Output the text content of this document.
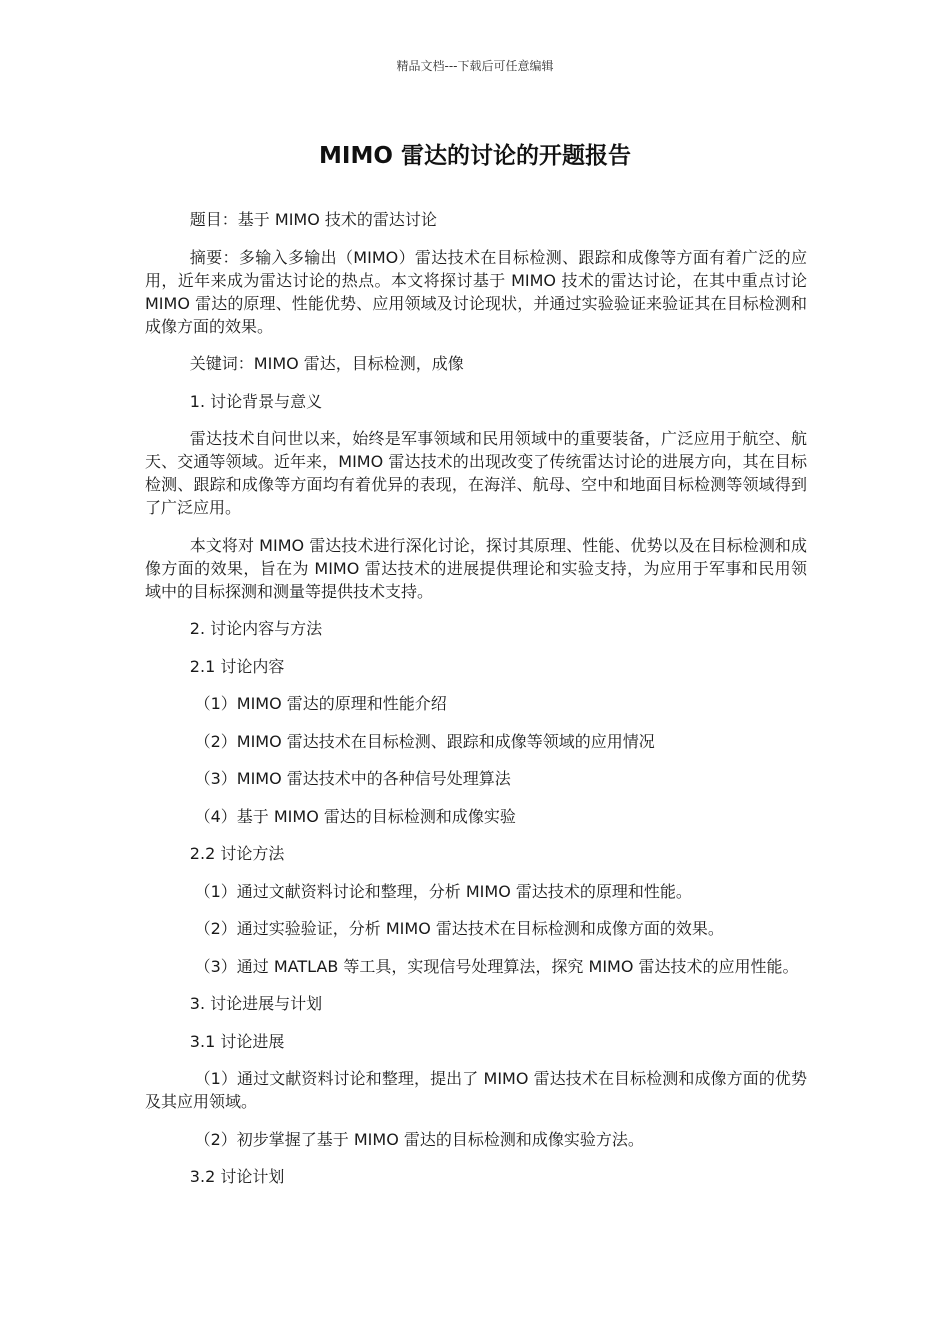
精品文档---下载后可任意编辑
MIMO 雷达的讨论的开题报告

题目：基于 MIMO 技术的雷达讨论

摘要：多输入多输出（MIMO）雷达技术在目标检测、跟踪和成像等方面有着广泛的应用，近年来成为雷达讨论的热点。本文将探讨基于 MIMO 技术的雷达讨论，在其中重点讨论 MIMO 雷达的原理、性能优势、应用领域及讨论现状，并通过实验验证来验证其在目标检测和成像方面的效果。

关键词：MIMO 雷达，目标检测，成像

1. 讨论背景与意义

雷达技术自问世以来，始终是军事领域和民用领域中的重要装备，广泛应用于航空、航天、交通等领域。近年来，MIMO 雷达技术的出现改变了传统雷达讨论的进展方向，其在目标检测、跟踪和成像等方面均有着优异的表现，在海洋、航母、空中和地面目标检测等领域得到了广泛应用。

本文将对 MIMO 雷达技术进行深化讨论，探讨其原理、性能、优势以及在目标检测和成像方面的效果，旨在为 MIMO 雷达技术的进展提供理论和实验支持，为应用于军事和民用领域中的目标探测和测量等提供技术支持。

2. 讨论内容与方法

2.1 讨论内容

（1）MIMO 雷达的原理和性能介绍

（2）MIMO 雷达技术在目标检测、跟踪和成像等领域的应用情况

（3）MIMO 雷达技术中的各种信号处理算法

（4）基于 MIMO 雷达的目标检测和成像实验

2.2 讨论方法

（1）通过文献资料讨论和整理，分析 MIMO 雷达技术的原理和性能。

（2）通过实验验证，分析 MIMO 雷达技术在目标检测和成像方面的效果。

（3）通过 MATLAB 等工具，实现信号处理算法，探究 MIMO 雷达技术的应用性能。

3. 讨论进展与计划

3.1 讨论进展

（1）通过文献资料讨论和整理，提出了 MIMO 雷达技术在目标检测和成像方面的优势及其应用领域。

（2）初步掌握了基于 MIMO 雷达的目标检测和成像实验方法。

3.2 讨论计划
